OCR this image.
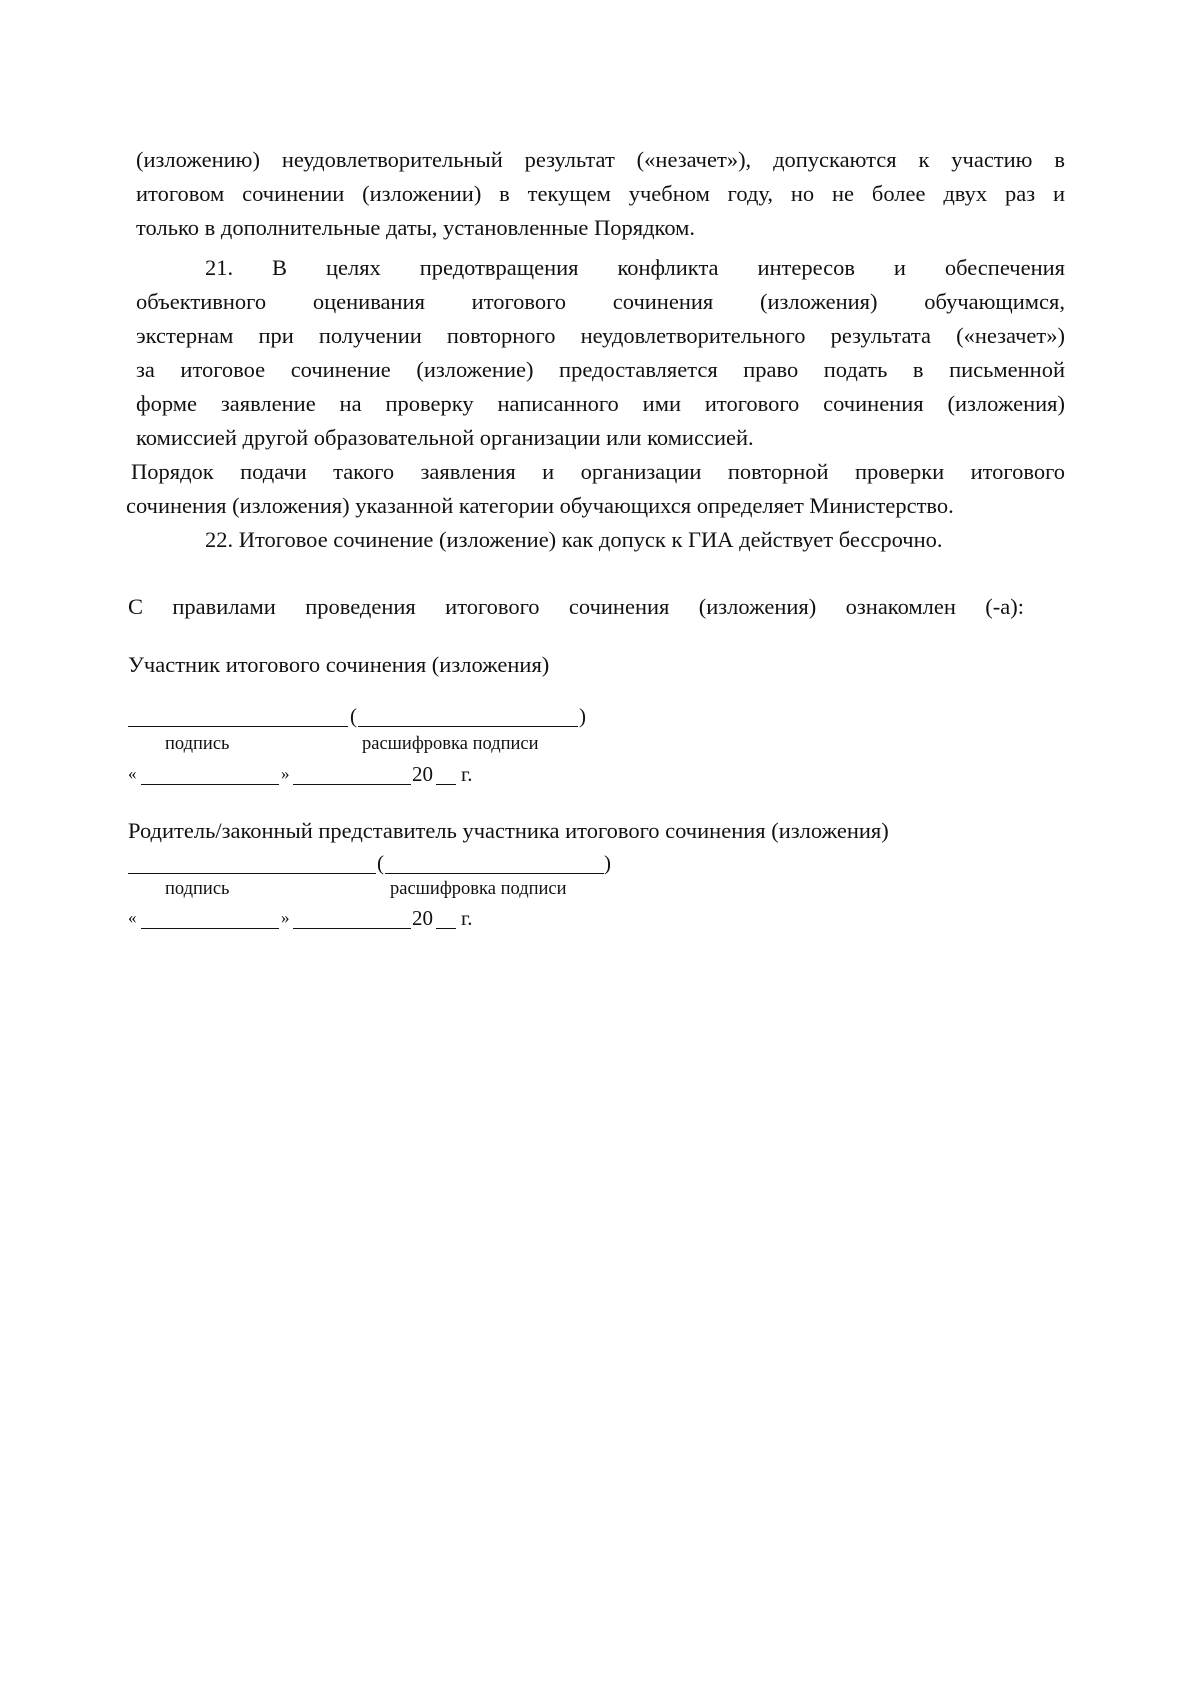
(изложению) неудовлетворительный результат («незачет»), допускаются к участию в
итоговом сочинении (изложении) в текущем учебном году, но не более двух раз и
только в дополнительные даты, установленные Порядком.
21. В целях предотвращения конфликта интересов и обеспечения
объективного оценивания итогового сочинения (изложения) обучающимся,
экстернам при получении повторного неудовлетворительного результата («незачет»)
за итоговое сочинение (изложение) предоставляется право подать в письменной
форме заявление на проверку написанного ими итогового сочинения (изложения)
комиссией другой образовательной организации или комиссией.
Порядок подачи такого заявления и организации повторной проверки итогового
сочинения (изложения) указанной категории обучающихся определяет Министерство.
22. Итоговое сочинение (изложение) как допуск к ГИА действует бессрочно.
С правилами проведения итогового сочинения (изложения) ознакомлен (-а):
Участник итогового сочинения (изложения)
(	)
подпись	расшифровка подписи
«	»	20 г.
Родитель/законный представитель участника итогового сочинения (изложения)
(	)
подпись	расшифровка подписи
«	»	20 г.
